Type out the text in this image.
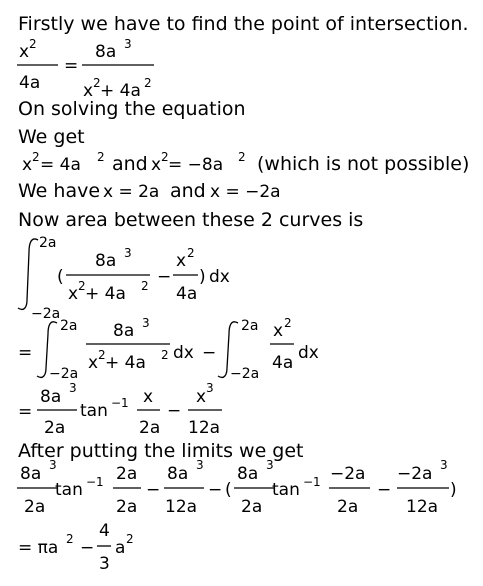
Firstly we have to find the point of intersection.
x 2
4a
=
8a 3
x 2 + 4a 2
On solving the equation
We get
x 2 = 4a 2 and x 2 = −8a 2 (which is not possible)
We have x = 2a and x = −2a
Now area between these 2 curves is
2a
−2a
(
8a 3
x 2 + 4a 2 −
x 2
4a
) dx
=
2a
−2a
8a 3
x 2 + 4a 2 dx −
2a
−2a
x 2
4a dx
=
8a 3
2a
tan −1 x
2a
−
x 3
12a
After putting the limits we get
8a 3
2a
tan −1 2a
2a
−
8a 3
12a
− (
8a 3
2a
tan −1 −2a
2a
−
−2a 3
12a
)
= πa 2 −
4
3
a 2
